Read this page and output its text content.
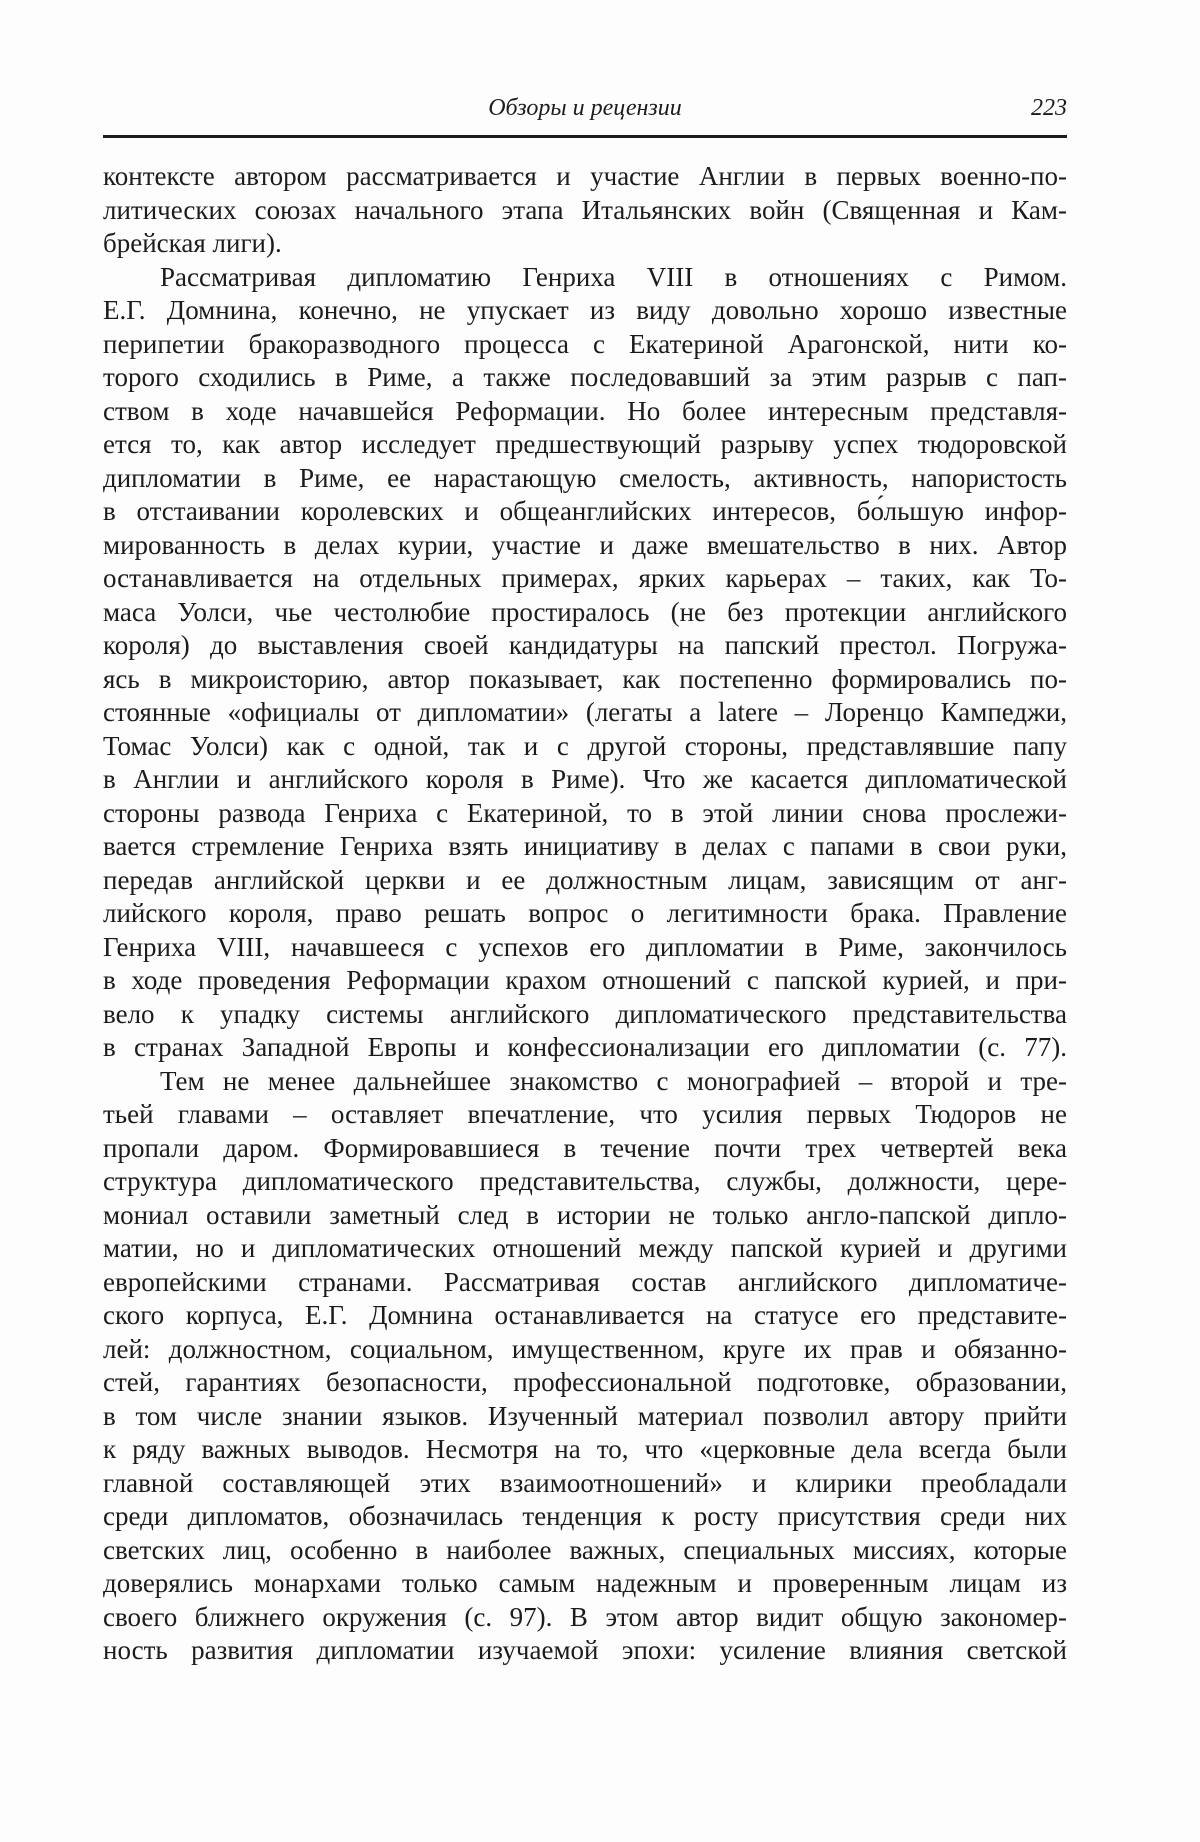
Обзоры и рецензии	223
контексте автором рассматривается и участие Англии в первых военно-по-
литических союзах начального этапа Итальянских войн (Священная и Кам-
брейская лиги).
Рассматривая дипломатию Генриха VIII в отношениях с Римом.
Е.Г. Домнина, конечно, не упускает из виду довольно хорошо известные
перипетии бракоразводного процесса с Екатериной Арагонской, нити ко-
торого сходились в Риме, а также последовавший за этим разрыв с пап-
ством в ходе начавшейся Реформации. Но более интересным представля-
ется то, как автор исследует предшествующий разрыву успех тюдоровской
дипломатии в Риме, ее нарастающую смелость, активность, напористость
в отстаивании королевских и общеанглийских интересов, бо́льшую инфор-
мированность в делах курии, участие и даже вмешательство в них. Автор
останавливается на отдельных примерах, ярких карьерах – таких, как То-
маса Уолси, чье честолюбие простиралось (не без протекции английского
короля) до выставления своей кандидатуры на папский престол. Погружа-
ясь в микроисторию, автор показывает, как постепенно формировались по-
стоянные «официалы от дипломатии» (легаты a latere – Лоренцо Кампеджи,
Томас Уолси) как с одной, так и с другой стороны, представлявшие папу
в Англии и английского короля в Риме). Что же касается дипломатической
стороны развода Генриха с Екатериной, то в этой линии снова прослежи-
вается стремление Генриха взять инициативу в делах с папами в свои руки,
передав английской церкви и ее должностным лицам, зависящим от анг-
лийского короля, право решать вопрос о легитимности брака. Правление
Генриха VIII, начавшееся с успехов его дипломатии в Риме, закончилось
в ходе проведения Реформации крахом отношений с папской курией, и при-
вело к упадку системы английского дипломатического представительства
в странах Западной Европы и конфессионализации его дипломатии (с. 77).
Тем не менее дальнейшее знакомство с монографией – второй и тре-
тьей главами – оставляет впечатление, что усилия первых Тюдоров не
пропали даром. Формировавшиеся в течение почти трех четвертей века
структура дипломатического представительства, службы, должности, цере-
мониал оставили заметный след в истории не только англо-папской дипло-
матии, но и дипломатических отношений между папской курией и другими
европейскими странами. Рассматривая состав английского дипломатиче-
ского корпуса, Е.Г. Домнина останавливается на статусе его представите-
лей: должностном, социальном, имущественном, круге их прав и обязанно-
стей, гарантиях безопасности, профессиональной подготовке, образовании,
в том числе знании языков. Изученный материал позволил автору прийти
к ряду важных выводов. Несмотря на то, что «церковные дела всегда были
главной составляющей этих взаимоотношений» и клирики преобладали
среди дипломатов, обозначилась тенденция к росту присутствия среди них
светских лиц, особенно в наиболее важных, специальных миссиях, которые
доверялись монархами только самым надежным и проверенным лицам из
своего ближнего окружения (с. 97). В этом автор видит общую закономер-
ность развития дипломатии изучаемой эпохи: усиление влияния светской
